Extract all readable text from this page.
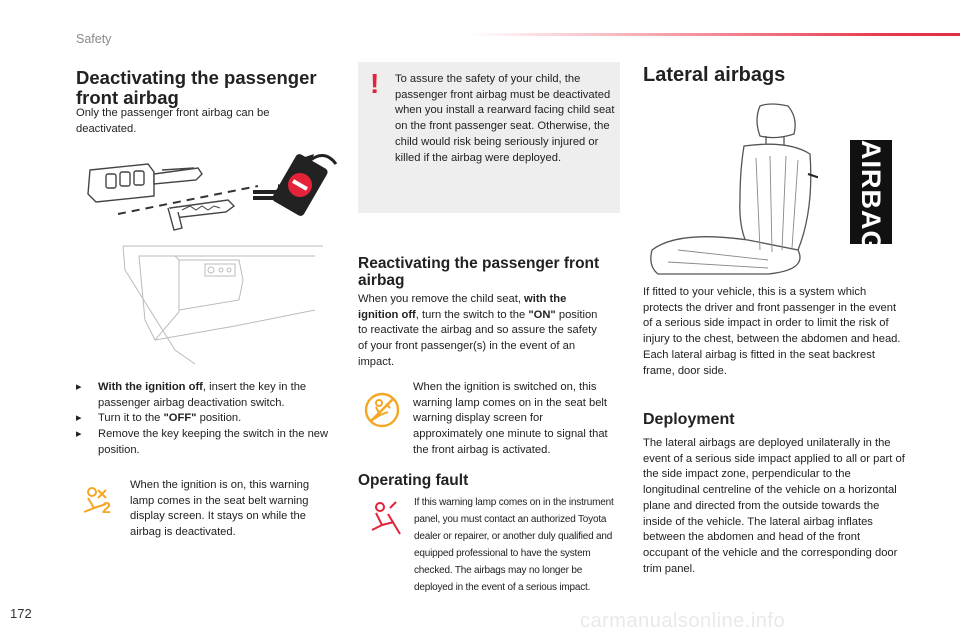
Safety
Deactivating the passenger front airbag
Only the passenger front airbag can be deactivated.
▸ With the ignition off, insert the key in the passenger airbag deactivation switch.
▸ Turn it to the "OFF" position.
▸ Remove the key keeping the switch in the new position.
2
When the ignition is on, this warning lamp comes in the seat belt warning display screen. It stays on while the airbag is deactivated.
! To assure the safety of your child, the passenger front airbag must be deactivated when you install a rearward facing child seat on the front passenger seat. Otherwise, the child would risk being seriously injured or killed if the airbag were deployed.
Reactivating the passenger front airbag
When you remove the child seat, with the ignition off, turn the switch to the "ON" position to reactivate the airbag and so assure the safety of your front passenger(s) in the event of an impact.
When the ignition is switched on, this warning lamp comes on in the seat belt warning display screen for approximately one minute to signal that the front airbag is activated.
Operating fault
If this warning lamp comes on in the instrument panel, you must contact an authorized Toyota dealer or repairer, or another duly qualified and equipped professional to have the system checked. The airbags may no longer be deployed in the event of a serious impact.
Lateral airbags
AIRBAG
If fitted to your vehicle, this is a system which protects the driver and front passenger in the event of a serious side impact in order to limit the risk of injury to the chest, between the abdomen and head. Each lateral airbag is fitted in the seat backrest frame, door side.
Deployment
The lateral airbags are deployed unilaterally in the event of a serious side impact applied to all or part of the side impact zone, perpendicular to the longitudinal centreline of the vehicle on a horizontal plane and directed from the outside towards the inside of the vehicle. The lateral airbag inflates between the abdomen and head of the front occupant of the vehicle and the corresponding door trim panel.
172	carmanualsonline.info
